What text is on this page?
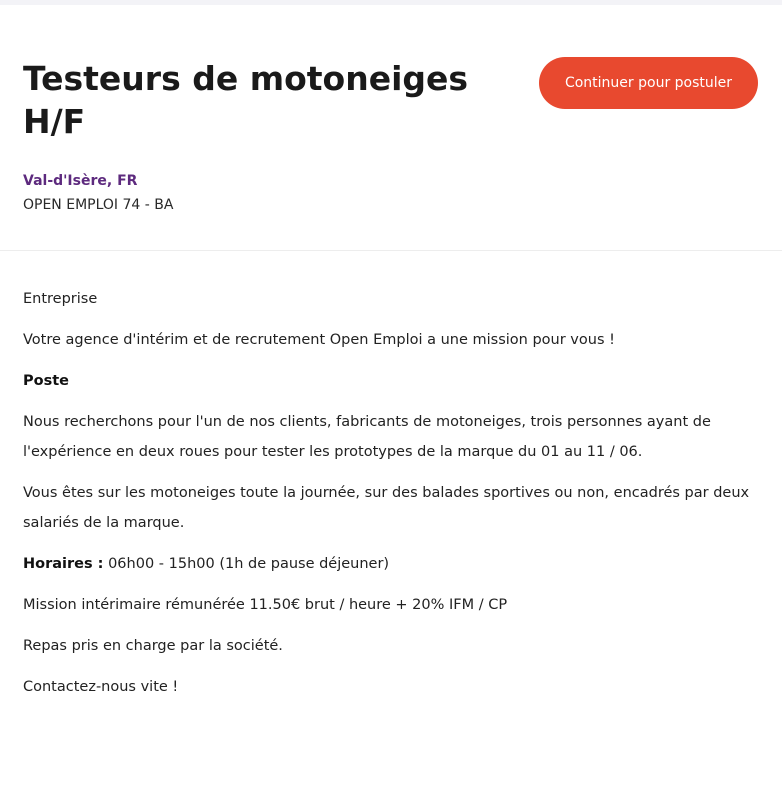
Testeurs de motoneiges H/F
Continuer pour postuler
Val-d'Isère, FR
OPEN EMPLOI 74 - BA

Entreprise

Votre agence d'intérim et de recrutement Open Emploi a une mission pour vous !

Poste

Nous recherchons pour l'un de nos clients, fabricants de motoneiges, trois personnes ayant de l'expérience en deux roues pour tester les prototypes de la marque du 01 au 11 / 06.

Vous êtes sur les motoneiges toute la journée, sur des balades sportives ou non, encadrés par deux salariés de la marque.

Horaires : 06h00 - 15h00 (1h de pause déjeuner)

Mission intérimaire rémunérée 11.50€ brut / heure + 20% IFM / CP

Repas pris en charge par la société.

Contactez-nous vite !
